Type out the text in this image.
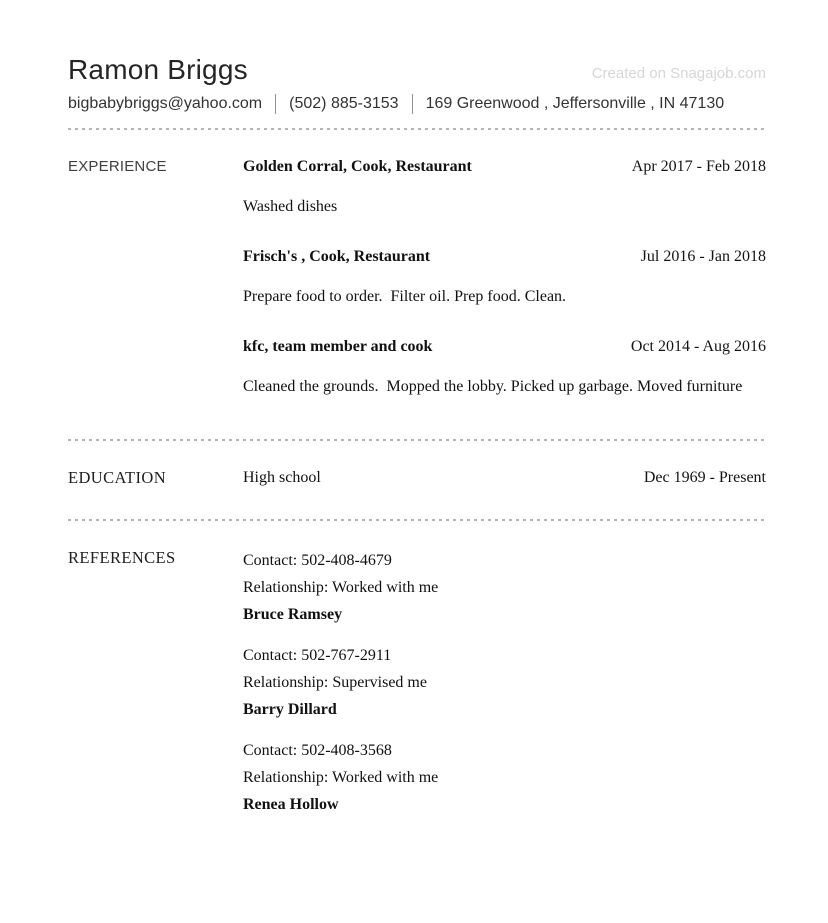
Ramon Briggs	Created on Snagajob.com
bigbabybriggs@yahoo.com (502) 885-3153 169 Greenwood , Jeffersonville , IN 47130
EXPERIENCE	Golden Corral, Cook, Restaurant	Apr 2017 - Feb 2018
Washed dishes
Frisch's , Cook, Restaurant	Jul 2016 - Jan 2018
Prepare food to order.  Filter oil. Prep food. Clean.
kfc, team member and cook	Oct 2014 - Aug 2016
Cleaned the grounds.  Mopped the lobby. Picked up garbage. Moved furniture
EDUCATION	High school	Dec 1969 - Present
REFERENCES	Contact: 502-408-4679
Relationship: Worked with me
Bruce Ramsey
Contact: 502-767-2911
Relationship: Supervised me
Barry Dillard
Contact: 502-408-3568
Relationship: Worked with me
Renea Hollow
